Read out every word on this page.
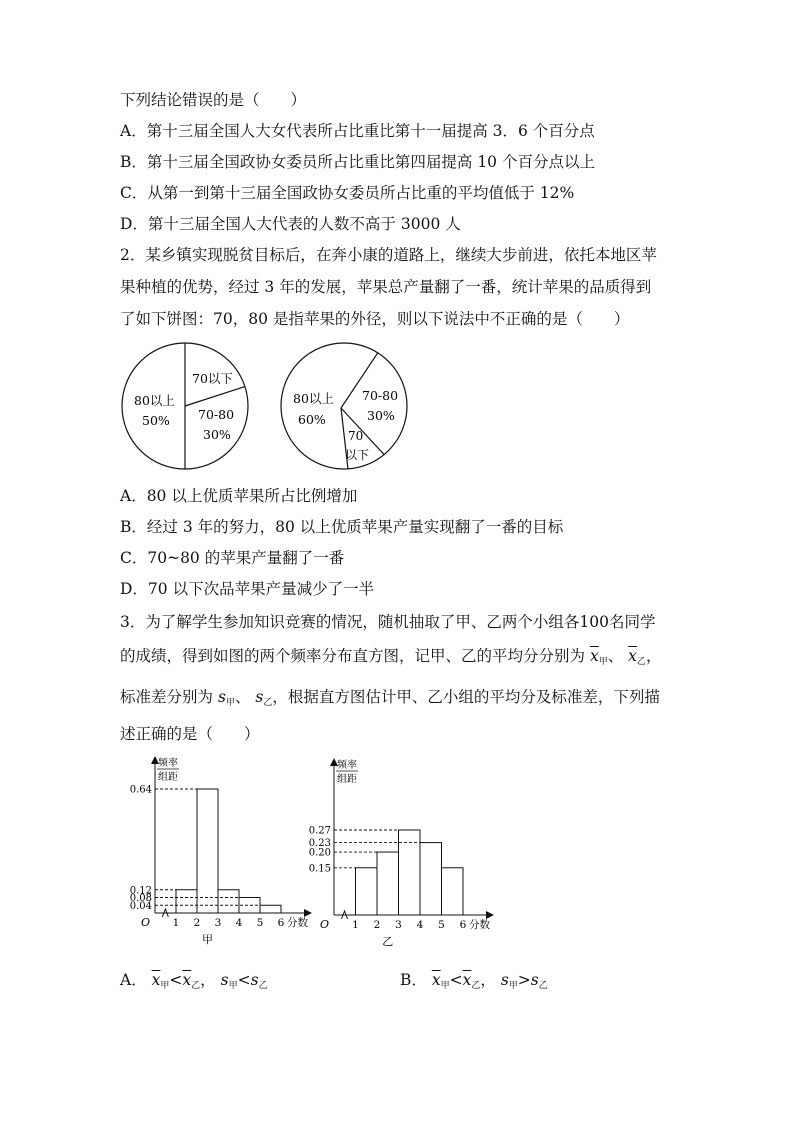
下列结论错误的是（　　）
A．第十三届全国人大女代表所占比重比第十一届提高 3．6 个百分点
B．第十三届全国政协女委员所占比重比第四届提高 10 个百分点以上
C．从第一到第十三届全国政协女委员所占比重的平均值低于 12%
D．第十三届全国人大代表的人数不高于 3000 人
2．某乡镇实现脱贫目标后，在奔小康的道路上，继续大步前进，依托本地区苹
果种植的优势，经过 3 年的发展，苹果总产量翻了一番，统计苹果的品质得到
了如下饼图：70，80 是指苹果的外径，则以下说法中不正确的是（　　）
80以上
50%
70以下
70-80
30%
80以上
60%
70-80
30%
70
以下
A．80 以上优质苹果所占比例增加
B．经过 3 年的努力，80 以上优质苹果产量实现翻了一番的目标
C．70~80 的苹果产量翻了一番
D．70 以下次品苹果产量减少了一半
3．为了解学生参加知识竞赛的情况，随机抽取了甲、乙两个小组各100名同学
的成绩，得到如图的两个频率分布直方图，记甲、乙的平均分分别为 $\overline{x}_甲$、 $\overline{x}_乙$，
标准差分别为 $s_甲$、 $s_乙$，根据直方图估计甲、乙小组的平均分及标准差，下列描
述正确的是（　　）
0.64
0.12
0.08
0.04
1 2 3 4 5 6 分数
O
频率
组距
甲
0.27
0.23
0.20
0.15
1 2 3 4 5 6 分数
O
频率
组距
乙
A． $\overline{x}_甲<\overline{x}_乙$， $s_甲<s_乙$	B． $\overline{x}_甲<\overline{x}_乙$， $s_甲>s_乙$
